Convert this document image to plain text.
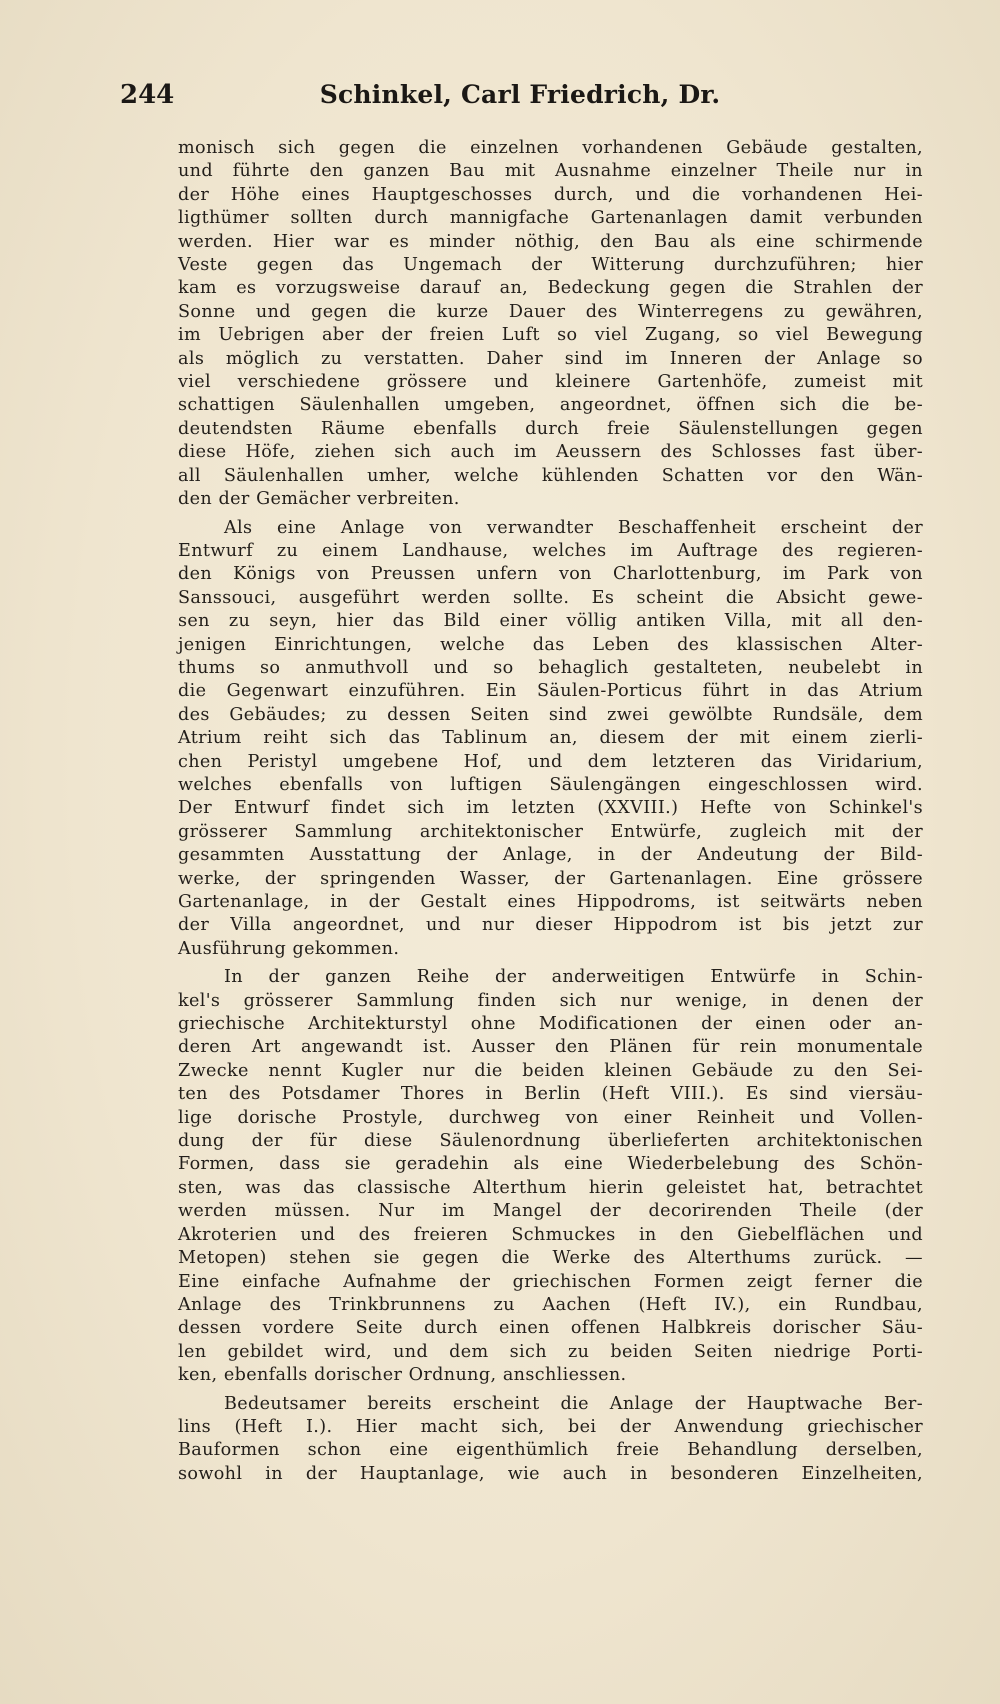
244	Schinkel, Carl Friedrich, Dr.

monisch sich gegen die einzelnen vorhandenen Gebäude gestalten,
und führte den ganzen Bau mit Ausnahme einzelner Theile nur in
der Höhe eines Hauptgeschosses durch, und die vorhandenen Hei-
ligthümer sollten durch mannigfache Gartenanlagen damit verbunden
werden. Hier war es minder nöthig, den Bau als eine schirmende
Veste gegen das Ungemach der Witterung durchzuführen; hier
kam es vorzugsweise darauf an, Bedeckung gegen die Strahlen der
Sonne und gegen die kurze Dauer des Winterregens zu gewähren,
im Uebrigen aber der freien Luft so viel Zugang, so viel Bewegung
als möglich zu verstatten. Daher sind im Inneren der Anlage so
viel verschiedene grössere und kleinere Gartenhöfe, zumeist mit
schattigen Säulenhallen umgeben, angeordnet, öffnen sich die be-
deutendsten Räume ebenfalls durch freie Säulenstellungen gegen
diese Höfe, ziehen sich auch im Aeussern des Schlosses fast über-
all Säulenhallen umher, welche kühlenden Schatten vor den Wän-
den der Gemächer verbreiten.

Als eine Anlage von verwandter Beschaffenheit erscheint der
Entwurf zu einem Landhause, welches im Auftrage des regieren-
den Königs von Preussen unfern von Charlottenburg, im Park von
Sanssouci, ausgeführt werden sollte. Es scheint die Absicht gewe-
sen zu seyn, hier das Bild einer völlig antiken Villa, mit all den-
jenigen Einrichtungen, welche das Leben des klassischen Alter-
thums so anmuthvoll und so behaglich gestalteten, neubelebt in
die Gegenwart einzuführen. Ein Säulen-Porticus führt in das Atrium
des Gebäudes; zu dessen Seiten sind zwei gewölbte Rundsäle, dem
Atrium reiht sich das Tablinum an, diesem der mit einem zierli-
chen Peristyl umgebene Hof, und dem letzteren das Viridarium,
welches ebenfalls von luftigen Säulengängen eingeschlossen wird.
Der Entwurf findet sich im letzten (XXVIII.) Hefte von Schinkel's
grösserer Sammlung architektonischer Entwürfe, zugleich mit der
gesammten Ausstattung der Anlage, in der Andeutung der Bild-
werke, der springenden Wasser, der Gartenanlagen. Eine grössere
Gartenanlage, in der Gestalt eines Hippodroms, ist seitwärts neben
der Villa angeordnet, und nur dieser Hippodrom ist bis jetzt zur
Ausführung gekommen.

In der ganzen Reihe der anderweitigen Entwürfe in Schin-
kel's grösserer Sammlung finden sich nur wenige, in denen der
griechische Architekturstyl ohne Modificationen der einen oder an-
deren Art angewandt ist. Ausser den Plänen für rein monumentale
Zwecke nennt Kugler nur die beiden kleinen Gebäude zu den Sei-
ten des Potsdamer Thores in Berlin (Heft VIII.). Es sind viersäu-
lige dorische Prostyle, durchweg von einer Reinheit und Vollen-
dung der für diese Säulenordnung überlieferten architektonischen
Formen, dass sie geradehin als eine Wiederbelebung des Schön-
sten, was das classische Alterthum hierin geleistet hat, betrachtet
werden müssen. Nur im Mangel der decorirenden Theile (der
Akroterien und des freieren Schmuckes in den Giebelflächen und
Metopen) stehen sie gegen die Werke des Alterthums zurück. —
Eine einfache Aufnahme der griechischen Formen zeigt ferner die
Anlage des Trinkbrunnens zu Aachen (Heft IV.), ein Rundbau,
dessen vordere Seite durch einen offenen Halbkreis dorischer Säu-
len gebildet wird, und dem sich zu beiden Seiten niedrige Porti-
ken, ebenfalls dorischer Ordnung, anschliessen.

Bedeutsamer bereits erscheint die Anlage der Hauptwache Ber-
lins (Heft I.). Hier macht sich, bei der Anwendung griechischer
Bauformen schon eine eigenthümlich freie Behandlung derselben,
sowohl in der Hauptanlage, wie auch in besonderen Einzelheiten,
